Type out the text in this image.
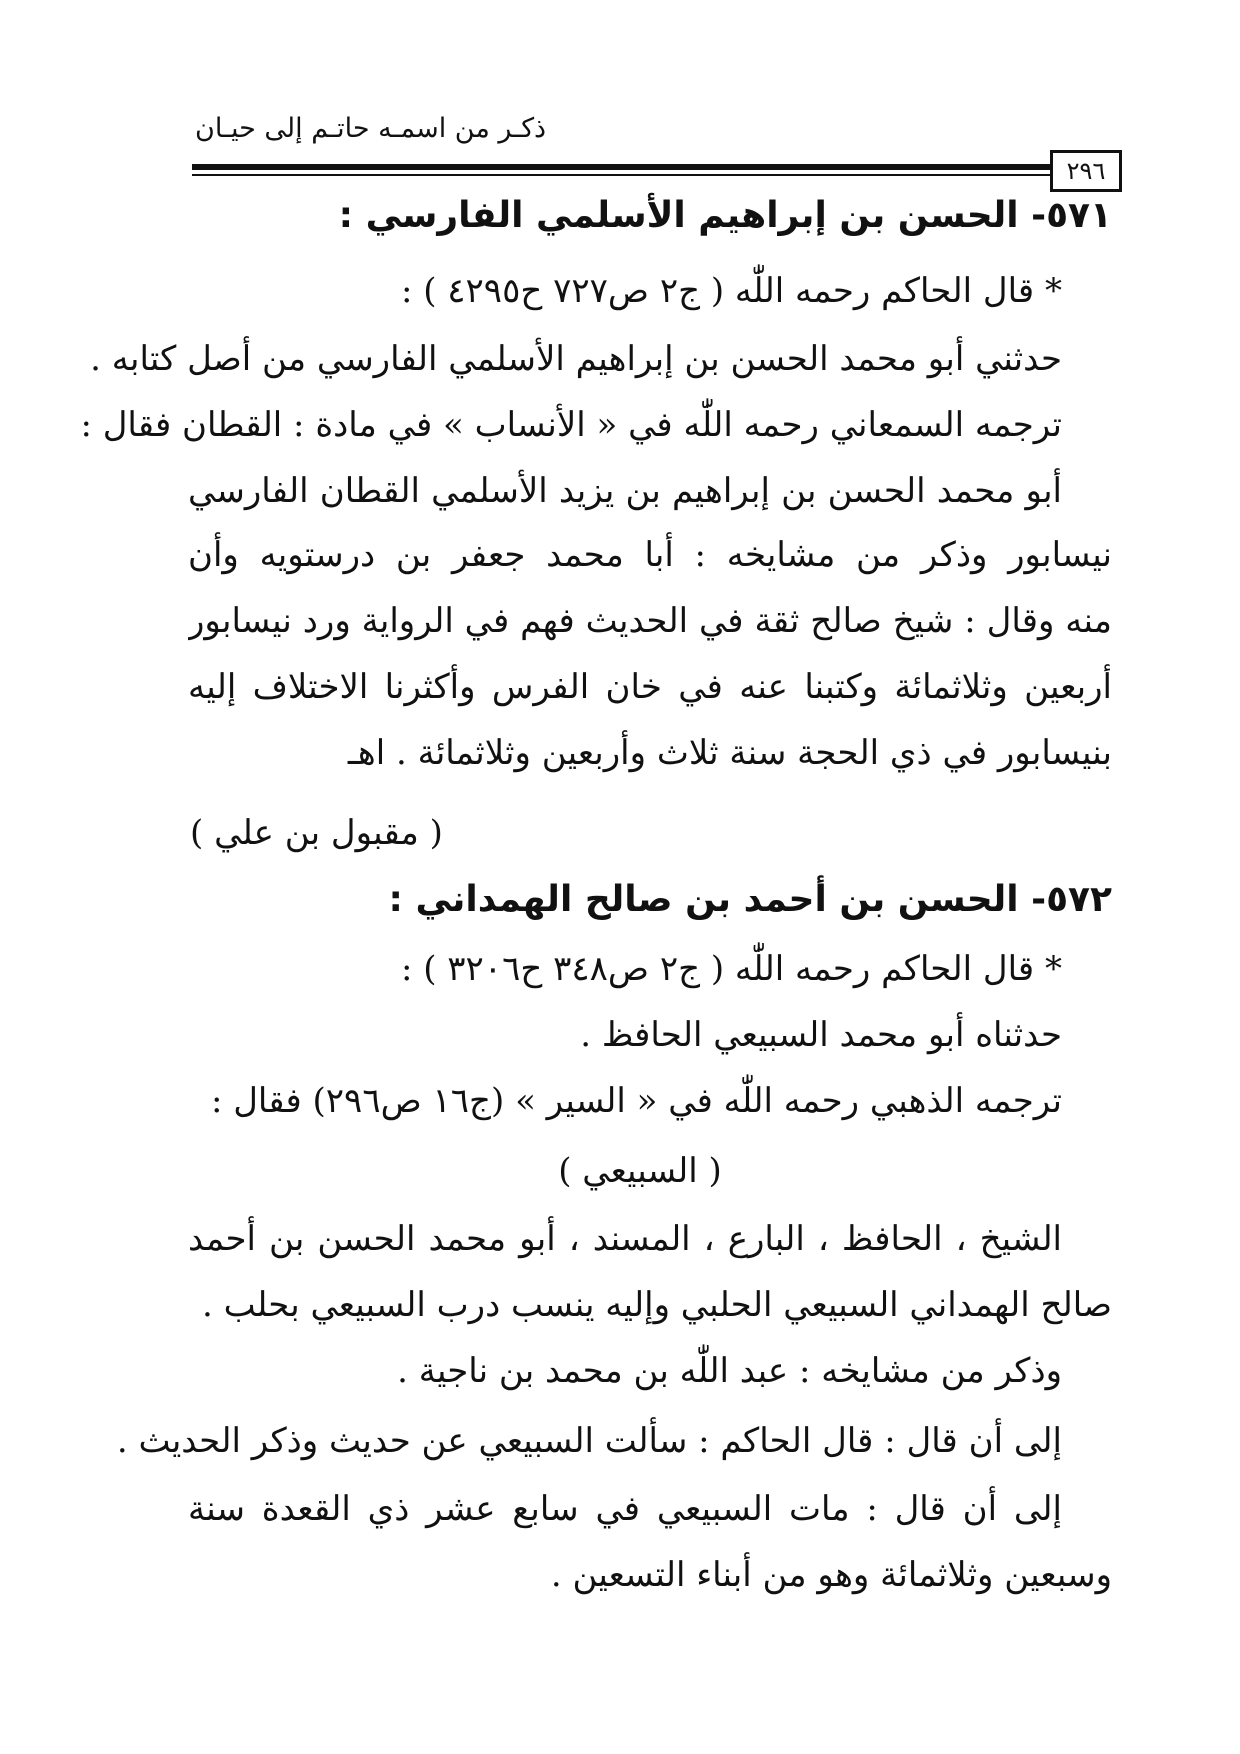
ذكـر من اسمـه حاتـم إلى حيـان
٢٩٦
٥٧١- الحسن بن إبراهيم الأسلمي الفارسي :
* قال الحاكم رحمه اللّٰه ( ج٢ ص٧٢٧ ح٤٢٩٥ ) :
حدثني أبو محمد الحسن بن إبراهيم الأسلمي الفارسي من أصل كتابه .
ترجمه السمعاني رحمه اللّٰه في « الأنساب » في مادة : القطان فقال :
أبو محمد الحسن بن إبراهيم بن يزيد الأسلمي القطان الفارسي
نيسابور وذكر من مشايخه : أبا محمد جعفر بن درستويه وأن
منه وقال : شيخ صالح ثقة في الحديث فهم في الرواية ورد نيسابور
أربعين وثلاثمائة وكتبنا عنه في خان الفرس وأكثرنا الاختلاف إليه
بنيسابور في ذي الحجة سنة ثلاث وأربعين وثلاثمائة . اهـ
( مقبول بن علي )
٥٧٢- الحسن بن أحمد بن صالح الهمداني :
* قال الحاكم رحمه اللّٰه ( ج٢ ص٣٤٨ ح٣٢٠٦ ) :
حدثناه أبو محمد السبيعي الحافظ .
ترجمه الذهبي رحمه اللّٰه في « السير » (ج١٦ ص٢٩٦) فقال :
( السبيعي )
الشيخ ، الحافظ ، البارع ، المسند ، أبو محمد الحسن بن أحمد
صالح الهمداني السبيعي الحلبي وإليه ينسب درب السبيعي بحلب .
وذكر من مشايخه : عبد اللّٰه بن محمد بن ناجية .
إلى أن قال : قال الحاكم : سألت السبيعي عن حديث وذكر الحديث .
إلى أن قال : مات السبيعي في سابع عشر ذي القعدة سنة
وسبعين وثلاثمائة وهو من أبناء التسعين .
